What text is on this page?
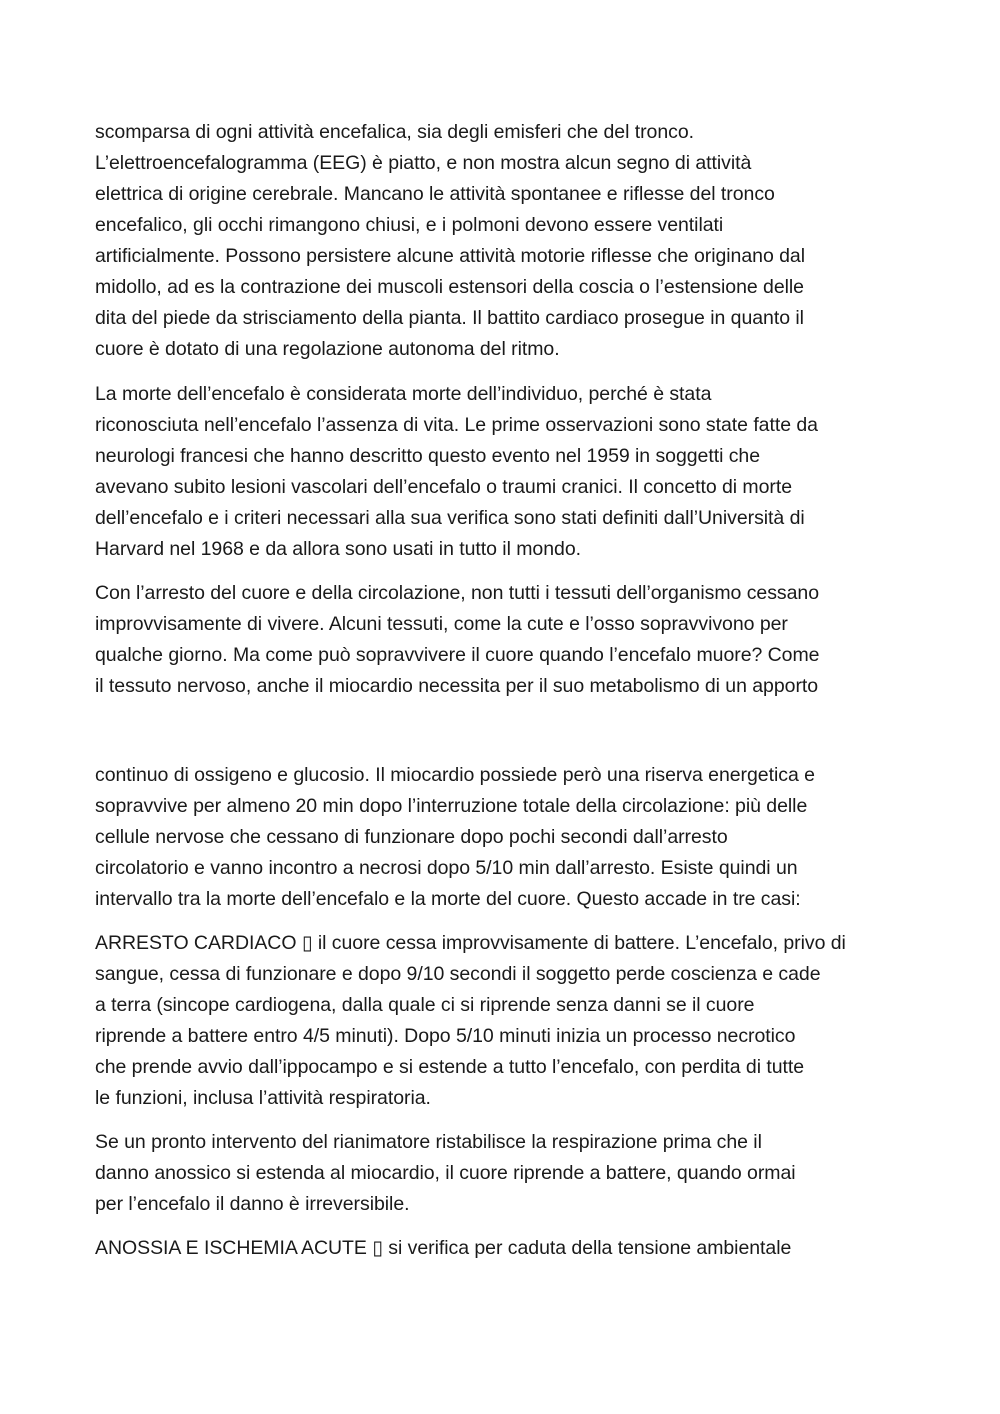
scomparsa di ogni attività encefalica, sia degli emisferi che del tronco.
L’elettroencefalogramma (EEG) è piatto, e non mostra alcun segno di attività
elettrica di origine cerebrale. Mancano le attività spontanee e riflesse del tronco
encefalico, gli occhi rimangono chiusi, e i polmoni devono essere ventilati
artificialmente. Possono persistere alcune attività motorie riflesse che originano dal
midollo, ad es la contrazione dei muscoli estensori della coscia o l’estensione delle
dita del piede da strisciamento della pianta. Il battito cardiaco prosegue in quanto il
cuore è dotato di una regolazione autonoma del ritmo.
La morte dell’encefalo è considerata morte dell’individuo, perché è stata
riconosciuta nell’encefalo l’assenza di vita. Le prime osservazioni sono state fatte da
neurologi francesi che hanno descritto questo evento nel 1959 in soggetti che
avevano subito lesioni vascolari dell’encefalo o traumi cranici. Il concetto di morte
dell’encefalo e i criteri necessari alla sua verifica sono stati definiti dall’Università di
Harvard nel 1968 e da allora sono usati in tutto il mondo.
Con l’arresto del cuore e della circolazione, non tutti i tessuti dell’organismo cessano
improvvisamente di vivere. Alcuni tessuti, come la cute e l’osso sopravvivono per
qualche giorno. Ma come può sopravvivere il cuore quando l’encefalo muore? Come
il tessuto nervoso, anche il miocardio necessita per il suo metabolismo di un apporto
continuo di ossigeno e glucosio. Il miocardio possiede però una riserva energetica e
sopravvive per almeno 20 min dopo l’interruzione totale della circolazione: più delle
cellule nervose che cessano di funzionare dopo pochi secondi dall’arresto
circolatorio e vanno incontro a necrosi dopo 5/10 min dall’arresto. Esiste quindi un
intervallo tra la morte dell’encefalo e la morte del cuore. Questo accade in tre casi:
ARRESTO CARDIACO ▯ il cuore cessa improvvisamente di battere. L’encefalo, privo di
sangue, cessa di funzionare e dopo 9/10 secondi il soggetto perde coscienza e cade
a terra (sincope cardiogena, dalla quale ci si riprende senza danni se il cuore
riprende a battere entro 4/5 minuti). Dopo 5/10 minuti inizia un processo necrotico
che prende avvio dall’ippocampo e si estende a tutto l’encefalo, con perdita di tutte
le funzioni, inclusa l’attività respiratoria.
Se un pronto intervento del rianimatore ristabilisce la respirazione prima che il
danno anossico si estenda al miocardio, il cuore riprende a battere, quando ormai
per l’encefalo il danno è irreversibile.
ANOSSIA E ISCHEMIA ACUTE ▯ si verifica per caduta della tensione ambientale
